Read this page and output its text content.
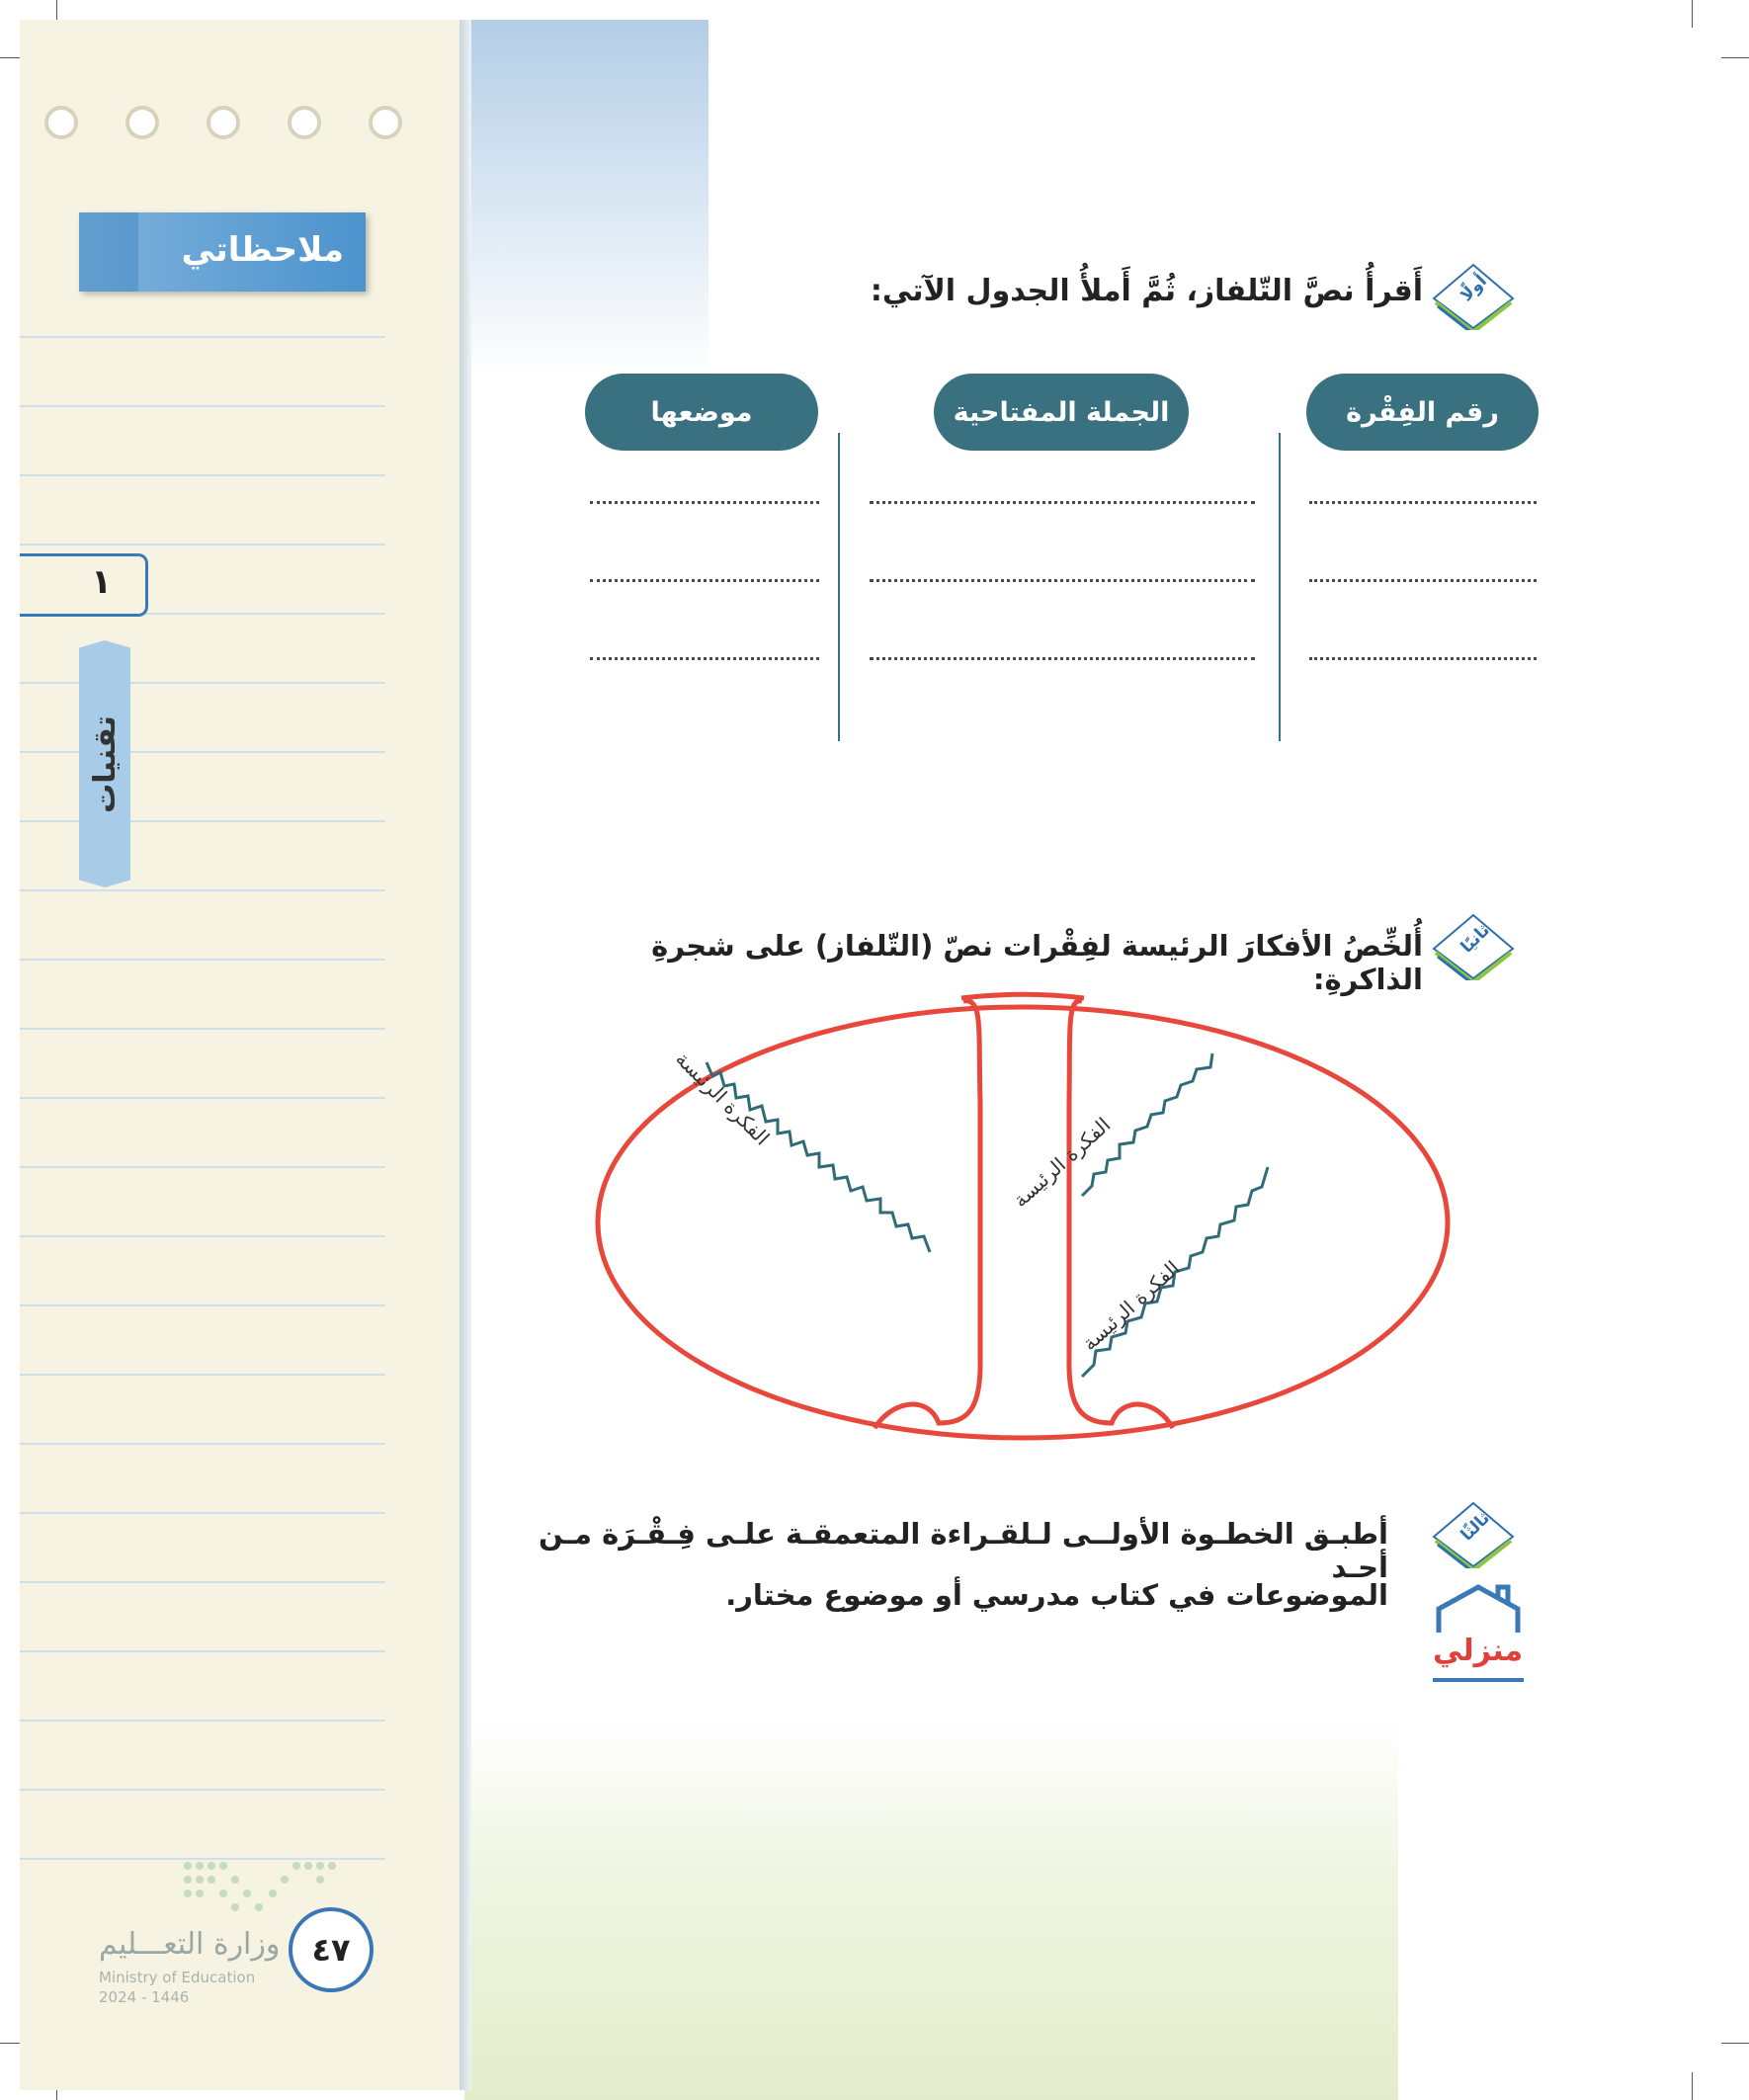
ملاحظاتي
١
تقنيات
وزارة التعـــليم
Ministry of Education
2024 - 1446
٤٧
أولًا
أَقرأُ نصَّ التّلفاز، ثُمَّ أَملأُ الجدول الآتي:
رقم الفِقْرة
الجملة المفتاحية
موضعها
ثانيًا
أُلخِّصُ الأفكارَ الرئيسة لفِقْرات نصّ (التّلفاز) على شجرةِ الذاكرةِ:
الفكرة الرئيسة
الفكرة الرئيسة
الفكرة الرئيسة
ثالثًا
أطبـق الخطـوة الأولــى لـلقـراءة المتعمقـة علـى فِـقْـرَة مـن أحـد
الموضوعات في كتاب مدرسي أو موضوع مختار.
منزلي
